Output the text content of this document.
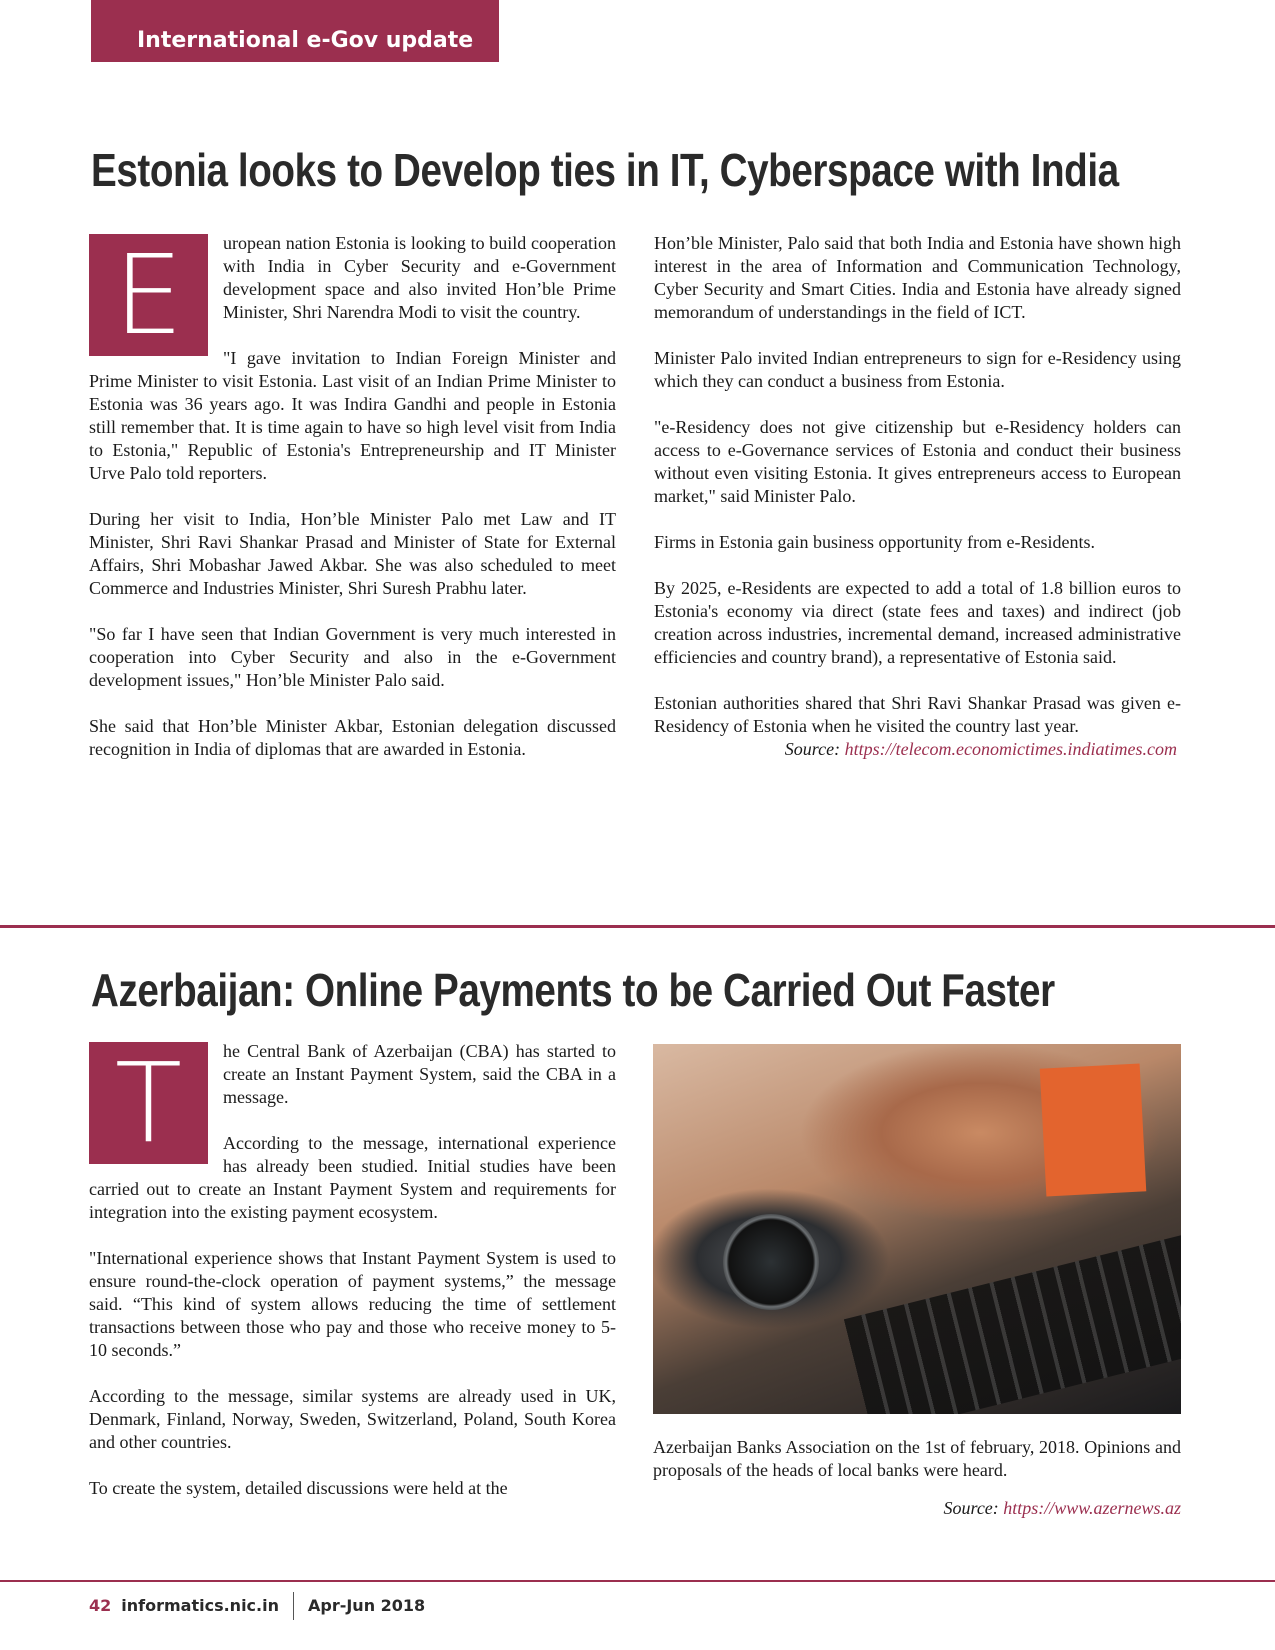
International e-Gov update
Estonia looks to Develop ties in IT, Cyberspace with India

E	uropean nation Estonia is looking to build cooperation with India in Cyber Security and e-Government development space and also invited Hon’ble Prime Minister, Shri Narendra Modi to visit the country.

"I gave invitation to Indian Foreign Minister and Prime Minister to visit Estonia. Last visit of an Indian Prime Minister to Estonia was 36 years ago. It was Indira Gandhi and people in Estonia still remember that. It is time again to have so high level visit from India to Estonia," Republic of Estonia's Entrepreneurship and IT Minister Urve Palo told reporters.

During her visit to India, Hon’ble Minister Palo met Law and IT Minister, Shri Ravi Shankar Prasad and Minister of State for External Affairs, Shri Mobashar Jawed Akbar. She was also scheduled to meet Commerce and Industries Minister, Shri Suresh Prabhu later.

"So far I have seen that Indian Government is very much interested in cooperation into Cyber Security and also in the e-Government development issues," Hon’ble Minister Palo said.

She said that Hon’ble Minister Akbar, Estonian delegation discussed recognition in India of diplomas that are awarded in Estonia.

Hon’ble Minister, Palo said that both India and Estonia have shown high interest in the area of Information and Communication Technology, Cyber Security and Smart Cities. India and Estonia have already signed memorandum of understandings in the field of ICT.

Minister Palo invited Indian entrepreneurs to sign for e-Residency using which they can conduct a business from Estonia.

"e-Residency does not give citizenship but e-Residency holders can access to e-Governance services of Estonia and conduct their business without even visiting Estonia. It gives entrepreneurs access to European market," said Minister Palo.

Firms in Estonia gain business opportunity from e-Residents.

By 2025, e-Residents are expected to add a total of 1.8 billion euros to Estonia's economy via direct (state fees and taxes) and indirect (job creation across industries, incremental demand, increased administrative efficiencies and country brand), a representative of Estonia said.

Estonian authorities shared that Shri Ravi Shankar Prasad was given e-Residency of Estonia when he visited the country last year.

Source: https://telecom.economictimes.indiatimes.com

Azerbaijan: Online Payments to be Carried Out Faster

T	he Central Bank of Azerbaijan (CBA) has started to create an Instant Payment System, said the CBA in a message.

According to the message, international experience has already been studied. Initial studies have been carried out to create an Instant Payment System and requirements for integration into the existing payment ecosystem.

"International experience shows that Instant Payment System is used to ensure round-the-clock operation of payment systems,” the message said. “This kind of system allows reducing the time of settlement transactions between those who pay and those who receive money to 5-10 seconds.”

According to the message, similar systems are already used in UK, Denmark, Finland, Norway, Sweden, Switzerland, Poland, South Korea and other countries.

To create the system, detailed discussions were held at the

Azerbaijan Banks Association on the 1st of february, 2018. Opinions and proposals of the heads of local banks were heard.

Source: https://www.azernews.az

42 informatics.nic.in Apr-Jun 2018
